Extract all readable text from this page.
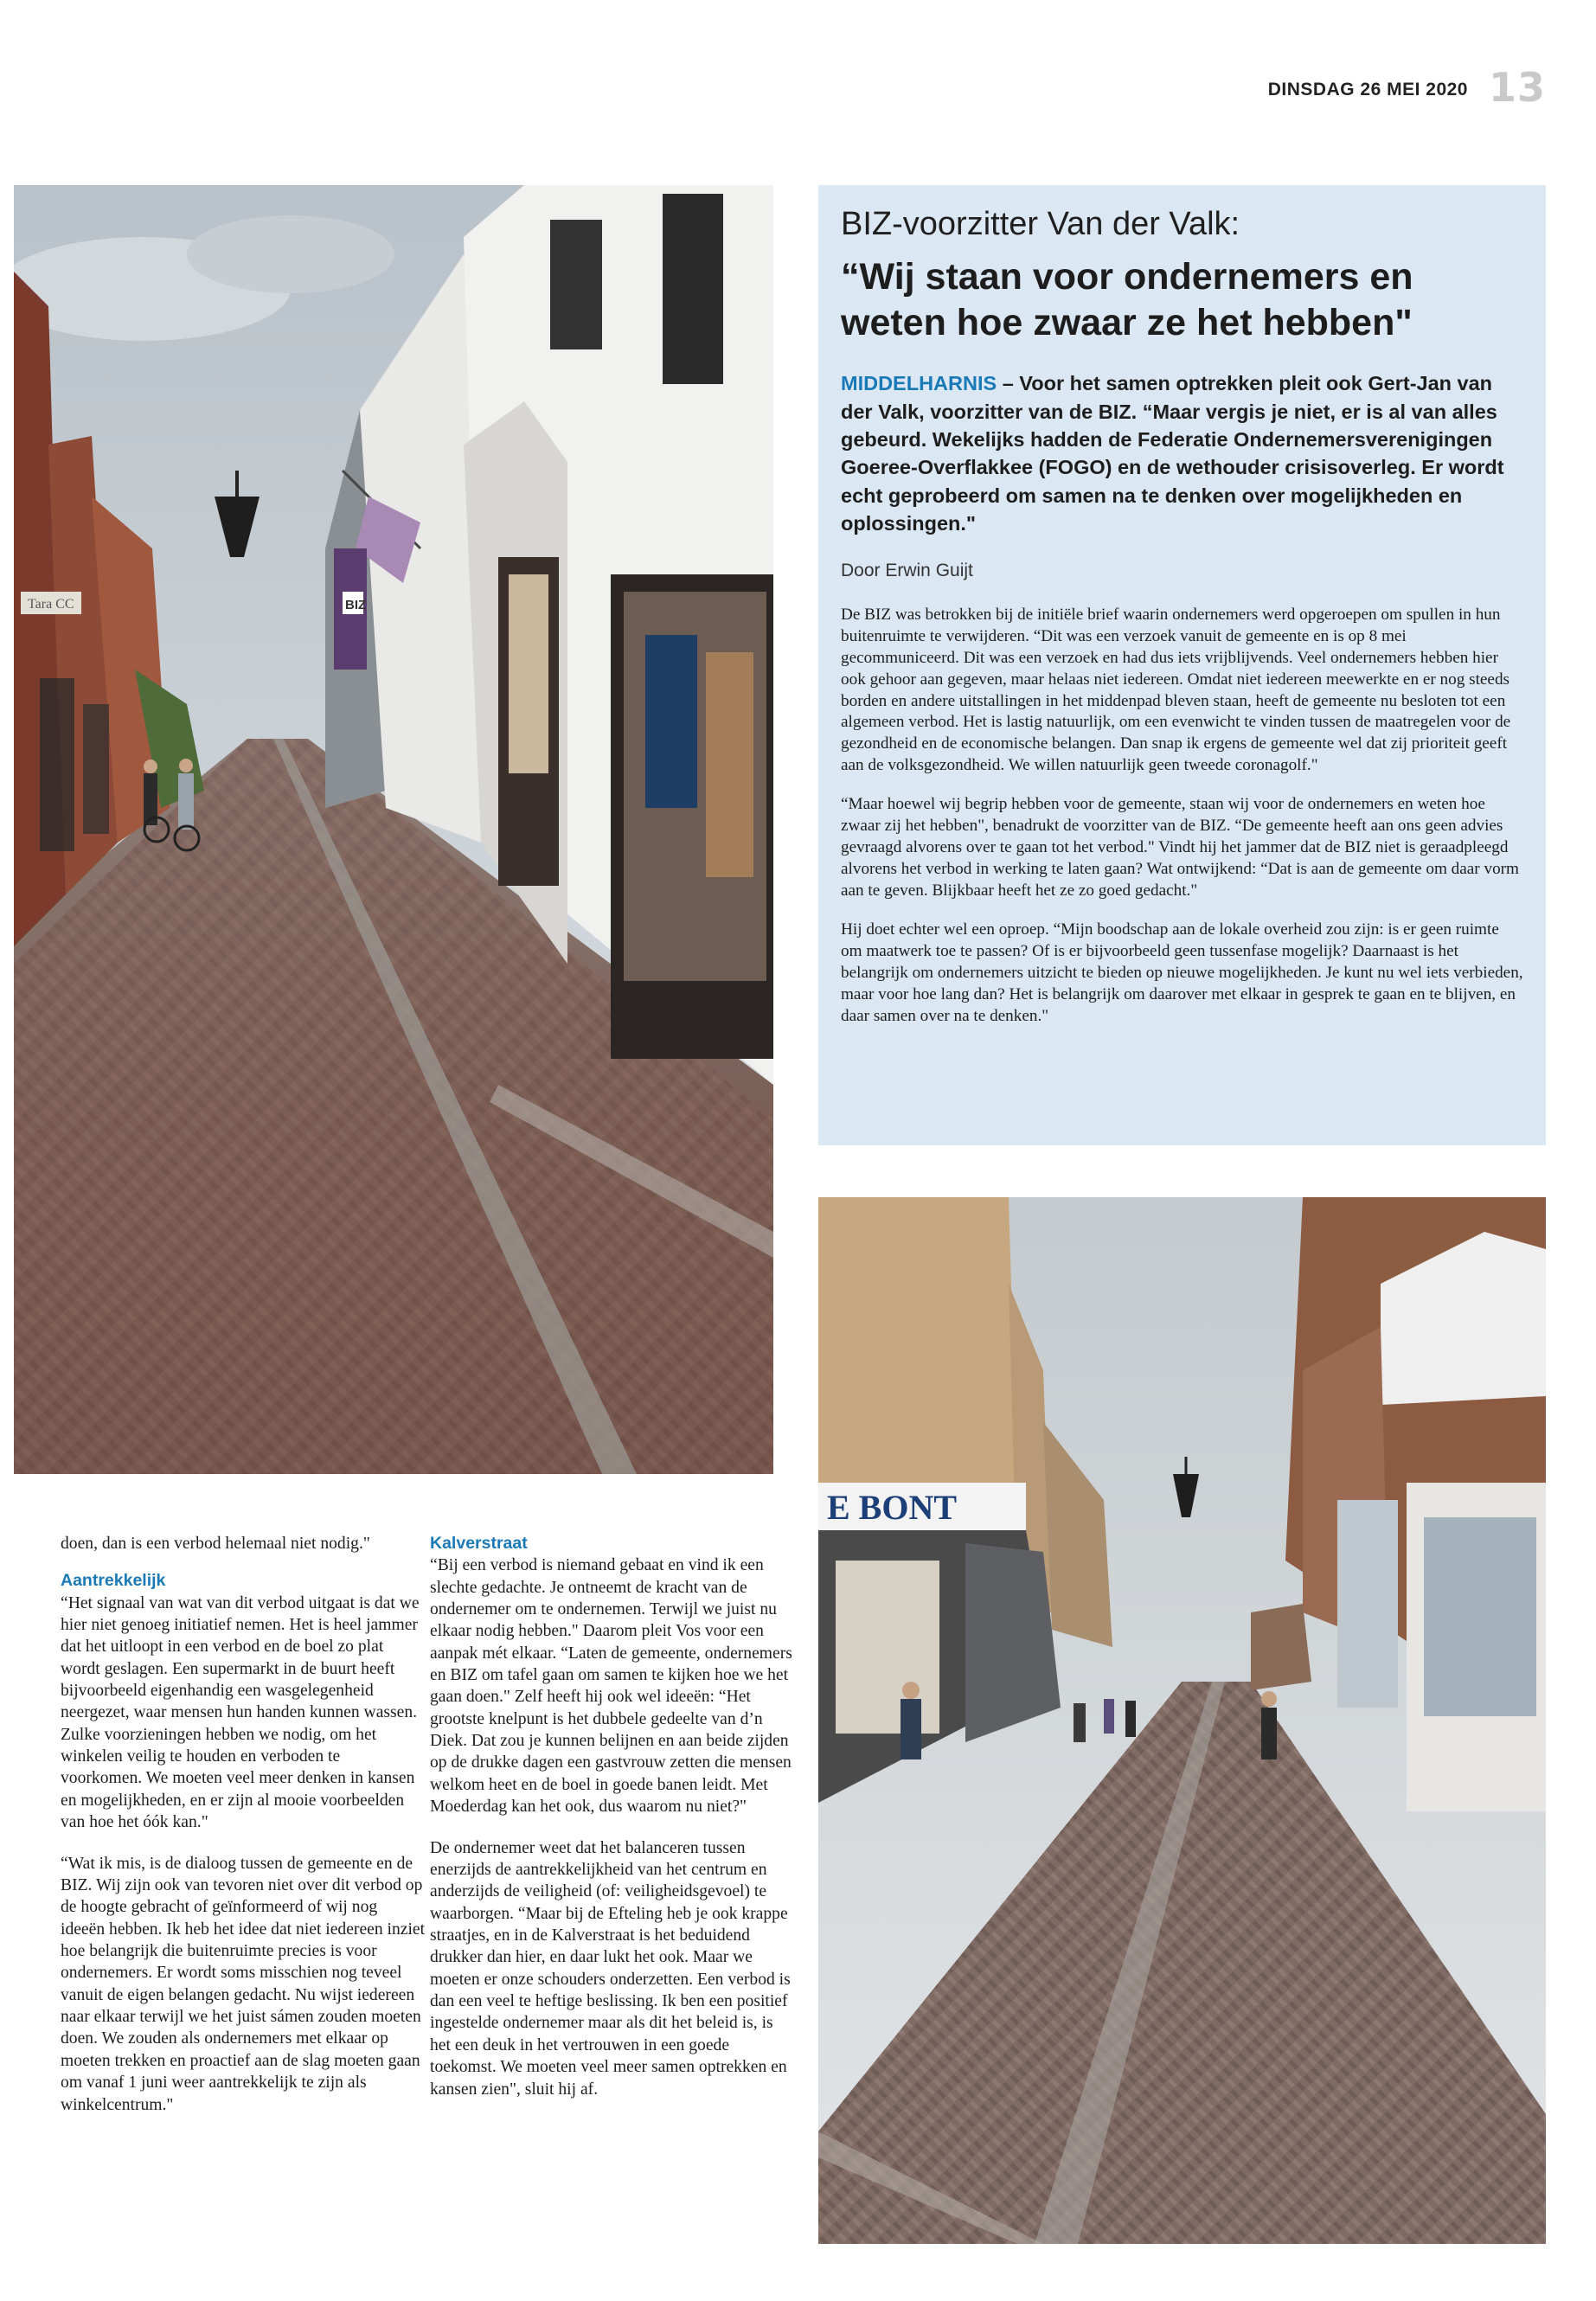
DINSDAG 26 MEI 2020 13
Tara CC	BIZ
BIZ-voorzitter Van der Valk:
“Wij staan voor ondernemers en weten hoe zwaar ze het hebben"
MIDDELHARNIS – Voor het samen optrekken pleit ook Gert-Jan van der Valk, voorzitter van de BIZ. “Maar vergis je niet, er is al van alles gebeurd. Wekelijks hadden de Federatie Ondernemersverenigingen Goeree-Overflakkee (FOGO) en de wethouder crisisoverleg. Er wordt echt geprobeerd om samen na te denken over mogelijkheden en oplossingen."
Door Erwin Guijt

De BIZ was betrokken bij de initiële brief waarin ondernemers werd opgeroepen om spullen in hun buitenruimte te verwijderen. “Dit was een verzoek vanuit de gemeente en is op 8 mei gecommuniceerd. Dit was een verzoek en had dus iets vrijblijvends. Veel ondernemers hebben hier ook gehoor aan gegeven, maar helaas niet iedereen. Omdat niet iedereen meewerkte en er nog steeds borden en andere uitstallingen in het middenpad bleven staan, heeft de gemeente nu besloten tot een algemeen verbod. Het is lastig natuurlijk, om een evenwicht te vinden tussen de maatregelen voor de gezondheid en de economische belangen. Dan snap ik ergens de gemeente wel dat zij prioriteit geeft aan de volksgezondheid. We willen natuurlijk geen tweede coronagolf."

“Maar hoewel wij begrip hebben voor de gemeente, staan wij voor de ondernemers en weten hoe zwaar zij het hebben", benadrukt de voorzitter van de BIZ. “De gemeente heeft aan ons geen advies gevraagd alvorens over te gaan tot het verbod." Vindt hij het jammer dat de BIZ niet is geraadpleegd alvorens het verbod in werking te laten gaan? Wat ontwijkend: “Dat is aan de gemeente om daar vorm aan te geven. Blijkbaar heeft het ze zo goed gedacht."

Hij doet echter wel een oproep. “Mijn boodschap aan de lokale overheid zou zijn: is er geen ruimte om maatwerk toe te passen? Of is er bijvoorbeeld geen tussenfase mogelijk? Daarnaast is het belangrijk om ondernemers uitzicht te bieden op nieuwe mogelijkheden. Je kunt nu wel iets verbieden, maar voor hoe lang dan? Het is belangrijk om daarover met elkaar in gesprek te gaan en te blijven, en daar samen over na te denken."

E BONT

doen, dan is een verbod helemaal niet nodig."

Aantrekkelijk

“Het signaal van wat van dit verbod uitgaat is dat we hier niet genoeg initiatief nemen. Het is heel jammer dat het uitloopt in een verbod en de boel zo plat wordt geslagen. Een supermarkt in de buurt heeft bijvoorbeeld eigenhandig een wasgelegenheid neergezet, waar mensen hun handen kunnen wassen. Zulke voorzieningen hebben we nodig, om het winkelen veilig te houden en verboden te voorkomen. We moeten veel meer denken in kansen en mogelijkheden, en er zijn al mooie voorbeelden van hoe het óók kan."

“Wat ik mis, is de dialoog tussen de gemeente en de BIZ. Wij zijn ook van tevoren niet over dit verbod op de hoogte gebracht of geïnformeerd of wij nog ideeën hebben. Ik heb het idee dat niet iedereen inziet hoe belangrijk die buitenruimte precies is voor ondernemers. Er wordt soms misschien nog teveel vanuit de eigen belangen gedacht. Nu wijst iedereen naar elkaar terwijl we het juist sámen zouden moeten doen. We zouden als ondernemers met elkaar op moeten trekken en proactief aan de slag moeten gaan om vanaf 1 juni weer aantrekkelijk te zijn als winkelcentrum."

Kalverstraat

“Bij een verbod is niemand gebaat en vind ik een slechte gedachte. Je ontneemt de kracht van de ondernemer om te ondernemen. Terwijl we juist nu elkaar nodig hebben." Daarom pleit Vos voor een aanpak mét elkaar. “Laten de gemeente, ondernemers en BIZ om tafel gaan om samen te kijken hoe we het gaan doen." Zelf heeft hij ook wel ideeën: “Het grootste knelpunt is het dubbele gedeelte van d’n Diek. Dat zou je kunnen belijnen en aan beide zijden op de drukke dagen een gastvrouw zetten die mensen welkom heet en de boel in goede banen leidt. Met Moederdag kan het ook, dus waarom nu niet?"

De ondernemer weet dat het balanceren tussen enerzijds de aantrekkelijkheid van het centrum en anderzijds de veiligheid (of: veiligheidsgevoel) te waarborgen. “Maar bij de Efteling heb je ook krappe straatjes, en in de Kalverstraat is het beduidend drukker dan hier, en daar lukt het ook. Maar we moeten er onze schouders onderzetten. Een verbod is dan een veel te heftige beslissing. Ik ben een positief ingestelde ondernemer maar als dit het beleid is, is het een deuk in het vertrouwen in een goede toekomst. We moeten veel meer samen optrekken en kansen zien", sluit hij af.
